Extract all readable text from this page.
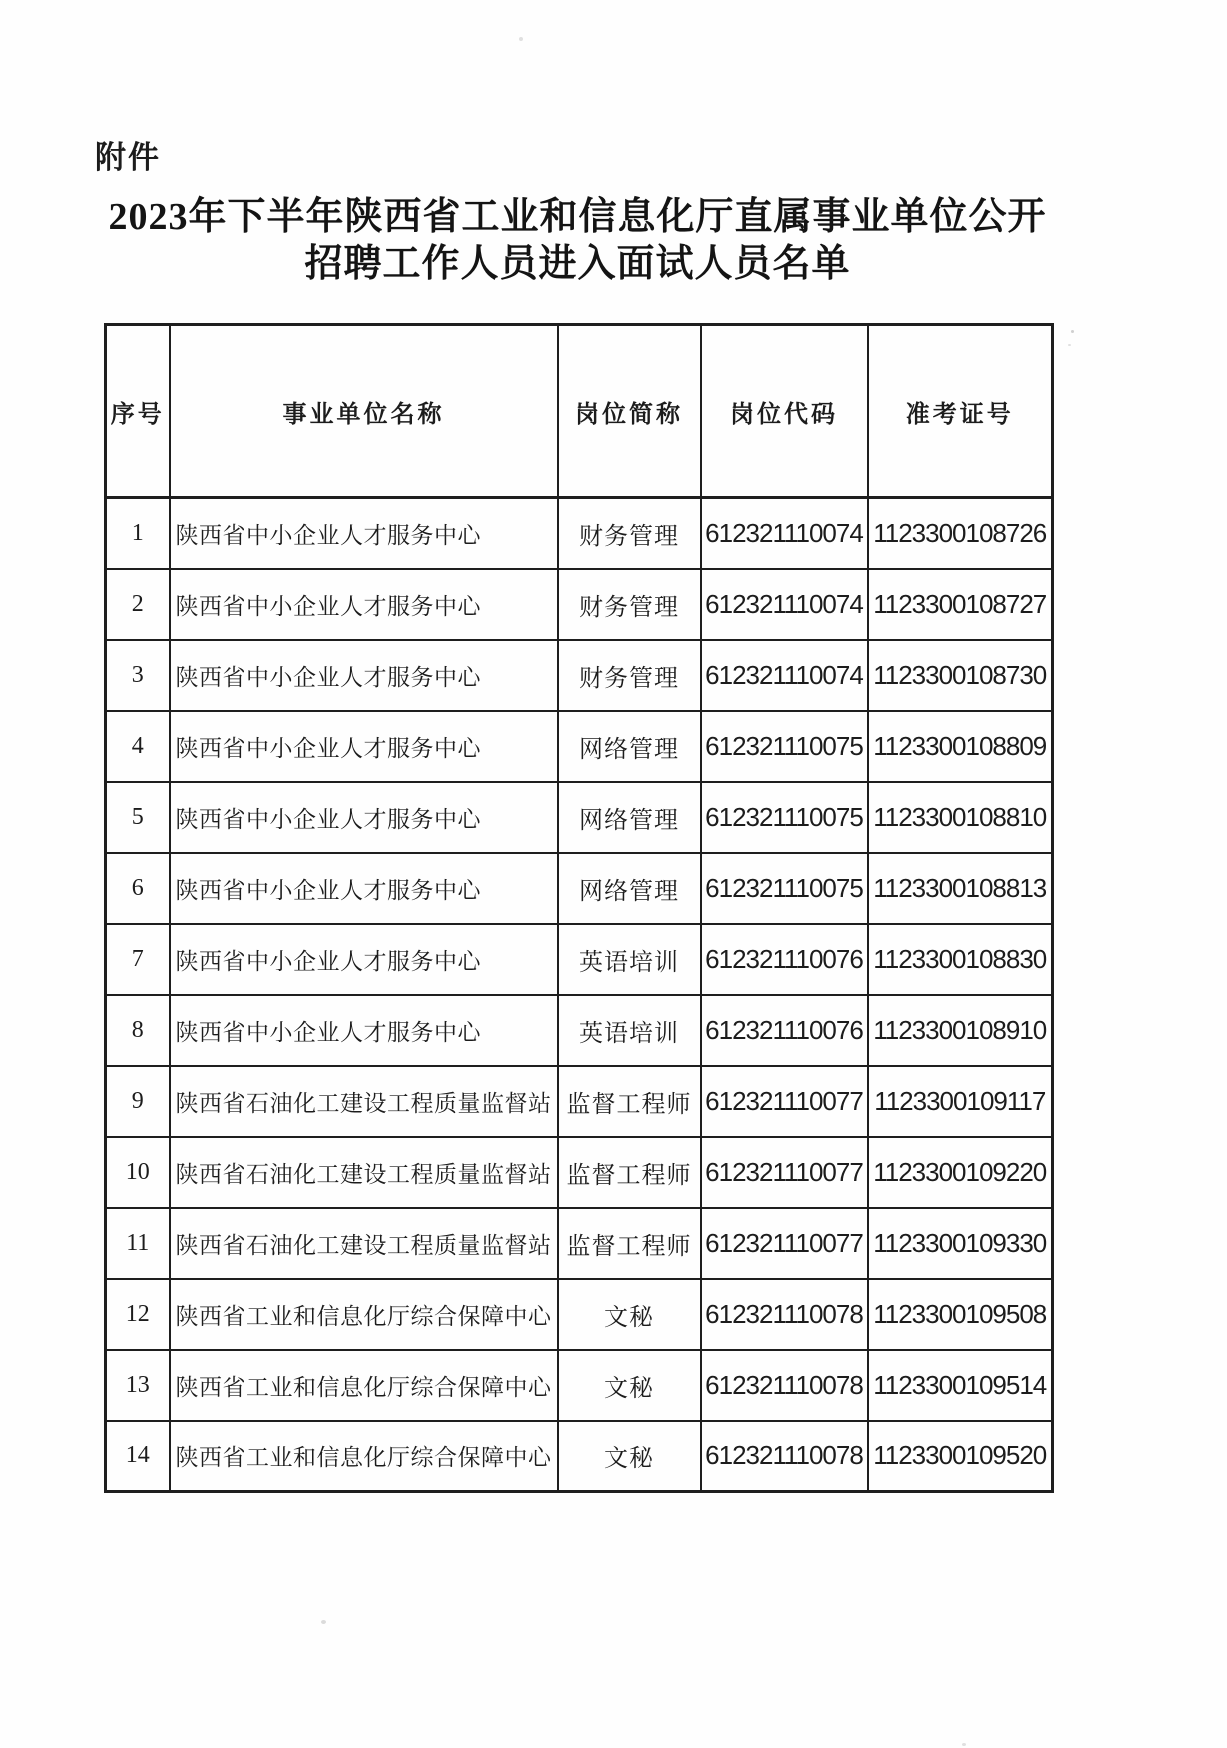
附件
2023年下半年陕西省工业和信息化厅直属事业单位公开
招聘工作人员进入面试人员名单
序号	事业单位名称	岗位简称	岗位代码	准考证号
1	陕西省中小企业人才服务中心	财务管理	612321110074	1123300108726
2	陕西省中小企业人才服务中心	财务管理	612321110074	1123300108727
3	陕西省中小企业人才服务中心	财务管理	612321110074	1123300108730
4	陕西省中小企业人才服务中心	网络管理	612321110075	1123300108809
5	陕西省中小企业人才服务中心	网络管理	612321110075	1123300108810
6	陕西省中小企业人才服务中心	网络管理	612321110075	1123300108813
7	陕西省中小企业人才服务中心	英语培训	612321110076	1123300108830
8	陕西省中小企业人才服务中心	英语培训	612321110076	1123300108910
9	陕西省石油化工建设工程质量监督站	监督工程师	612321110077	1123300109117
10	陕西省石油化工建设工程质量监督站	监督工程师	612321110077	1123300109220
11	陕西省石油化工建设工程质量监督站	监督工程师	612321110077	1123300109330
12	陕西省工业和信息化厅综合保障中心	文秘	612321110078	1123300109508
13	陕西省工业和信息化厅综合保障中心	文秘	612321110078	1123300109514
14	陕西省工业和信息化厅综合保障中心	文秘	612321110078	1123300109520
